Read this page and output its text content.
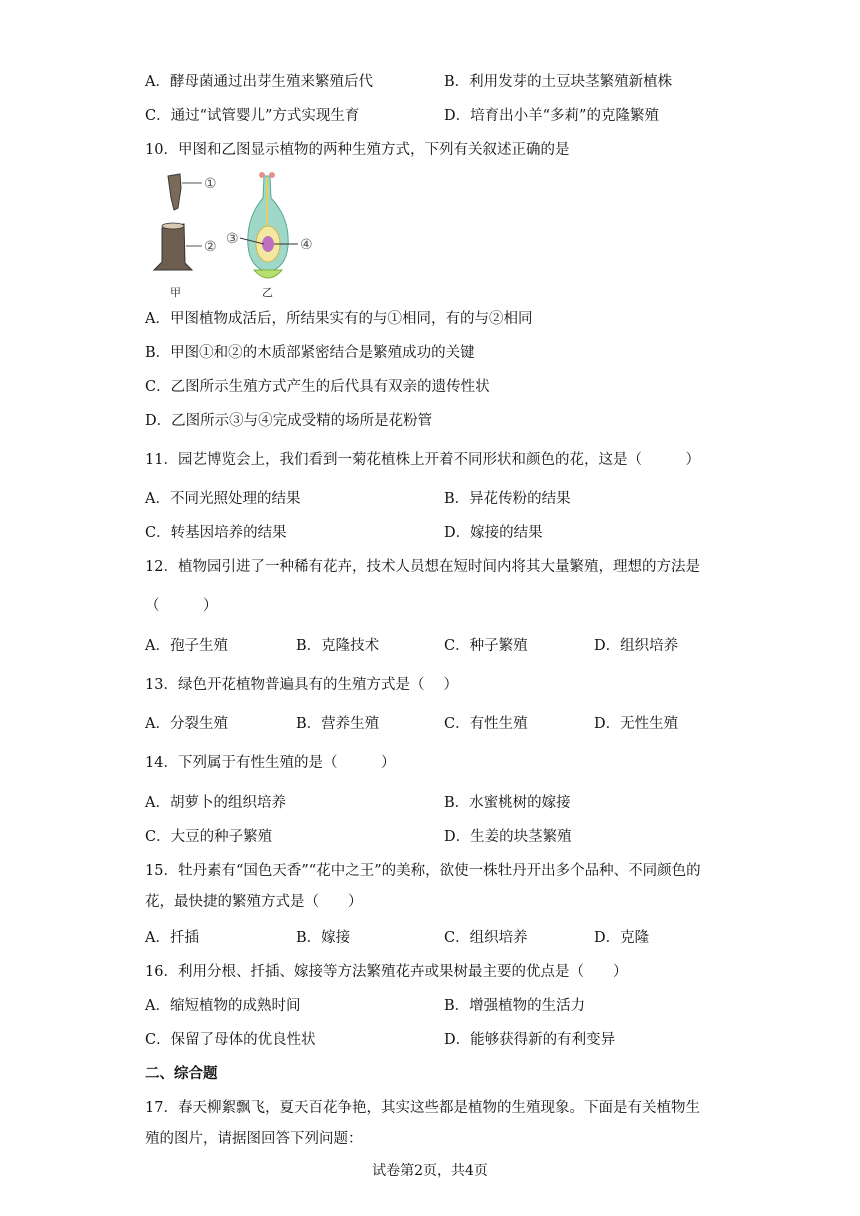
A．酵母菌通过出芽生殖来繁殖后代	B．利用发芽的土豆块茎繁殖新植株
C．通过“试管婴儿”方式实现生育	D．培育出小羊“多莉”的克隆繁殖
10．甲图和乙图显示植物的两种生殖方式，下列有关叙述正确的是
①
②
甲
③	④
乙
A．甲图植物成活后，所结果实有的与①相同，有的与②相同
B．甲图①和②的木质部紧密结合是繁殖成功的关键
C．乙图所示生殖方式产生的后代具有双亲的遗传性状
D．乙图所示③与④完成受精的场所是花粉管
11．园艺博览会上，我们看到一菊花植株上开着不同形状和颜色的花，这是（　　　）
A．不同光照处理的结果	B．异花传粉的结果
C．转基因培养的结果	D．嫁接的结果
12．植物园引进了一种稀有花卉，技术人员想在短时间内将其大量繁殖，理想的方法是
（　　　）
A．孢子生殖	B．克隆技术	C．种子繁殖	D．组织培养
13．绿色开花植物普遍具有的生殖方式是（　 ）
A．分裂生殖	B．营养生殖	C．有性生殖	D．无性生殖
14．下列属于有性生殖的是（　　　）
A．胡萝卜的组织培养	B．水蜜桃树的嫁接
C．大豆的种子繁殖	D．生姜的块茎繁殖
15．牡丹素有“国色天香”“花中之王”的美称，欲使一株牡丹开出多个品种、不同颜色的
花，最快捷的繁殖方式是（　　）
A．扦插	B．嫁接	C．组织培养	D．克隆
16．利用分根、扦插、嫁接等方法繁殖花卉或果树最主要的优点是（　　）
A．缩短植物的成熟时间	B．增强植物的生活力
C．保留了母体的优良性状	D．能够获得新的有利变异
二、综合题
17．春天柳絮飘飞，夏天百花争艳，其实这些都是植物的生殖现象。下面是有关植物生
殖的图片，请据图回答下列问题：
试卷第2页，共4页
